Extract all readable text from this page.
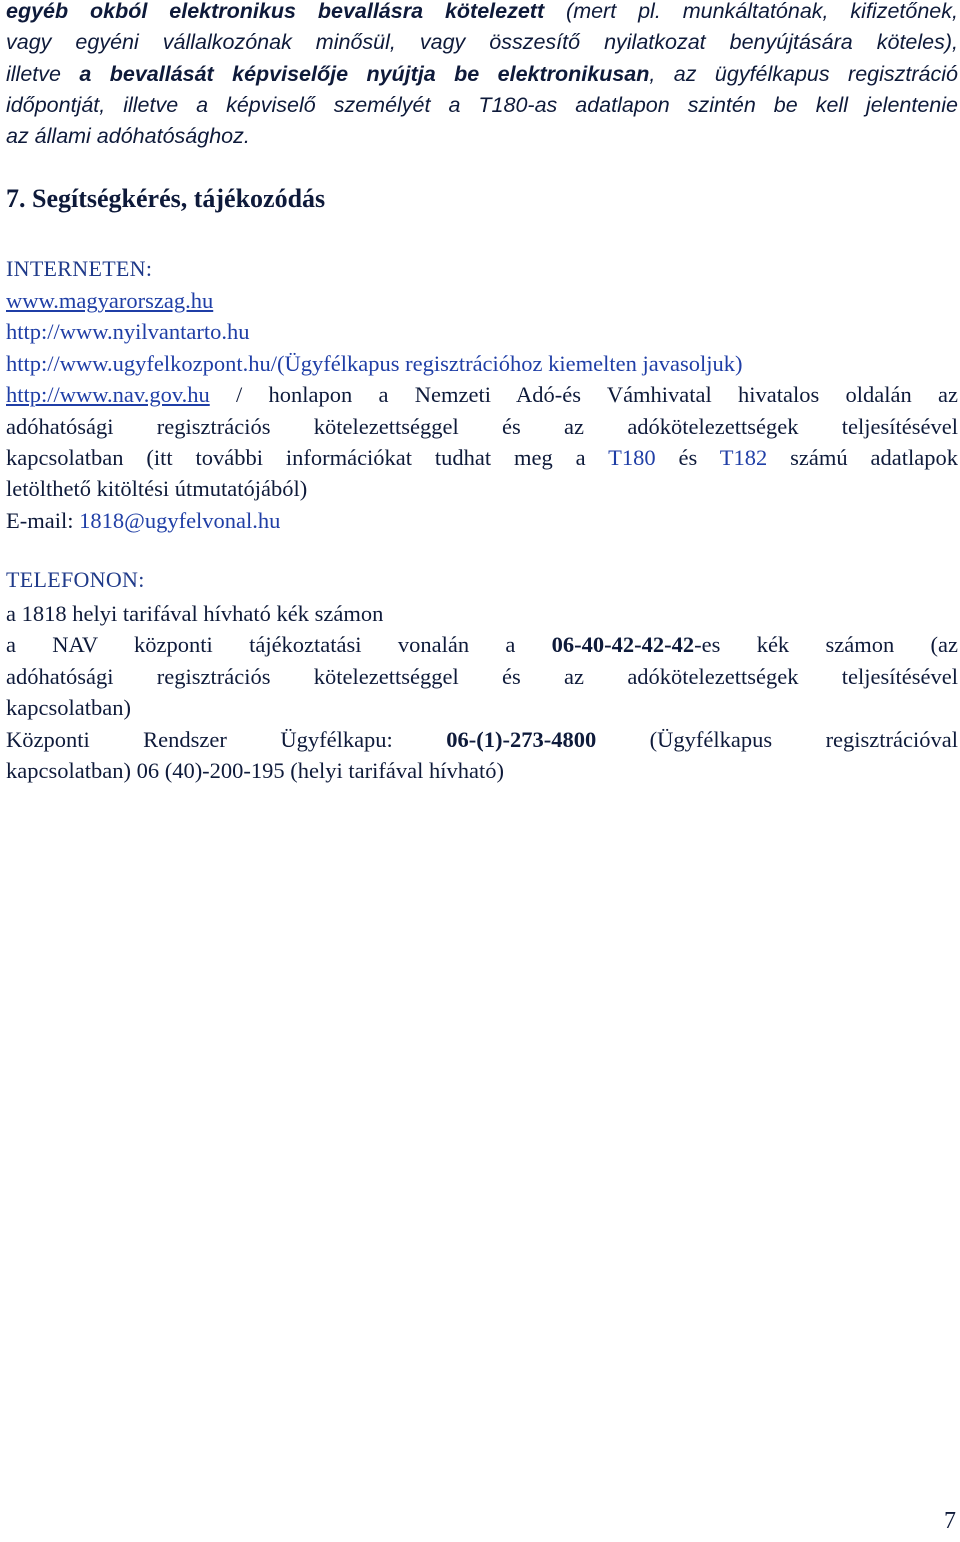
egyéb okból elektronikus bevallásra kötelezett (mert pl. munkáltatónak, kifizetőnek,
vagy egyéni vállalkozónak minősül, vagy összesítő nyilatkozat benyújtására köteles),
illetve a bevallását képviselője nyújtja be elektronikusan, az ügyfélkapus regisztráció
időpontját, illetve a képviselő személyét a T180-as adatlapon szintén be kell jelentenie
az állami adóhatósághoz.
7. Segítségkérés, tájékozódás
INTERNETEN:
www.magyarorszag.hu
http://www.nyilvantarto.hu
http://www.ugyfelkozpont.hu/(Ügyfélkapus regisztrációhoz kiemelten javasoljuk)
http://www.nav.gov.hu / honlapon a Nemzeti Adó-és Vámhivatal hivatalos oldalán az
adóhatósági regisztrációs kötelezettséggel és az adókötelezettségek teljesítésével
kapcsolatban (itt további információkat tudhat meg a T180 és T182 számú adatlapok
letölthető kitöltési útmutatójából)
E-mail: 1818@ugyfelvonal.hu
TELEFONON:
a 1818 helyi tarifával hívható kék számon
a NAV központi tájékoztatási vonalán a 06-40-42-42-42-es kék számon (az
adóhatósági regisztrációs kötelezettséggel és az adókötelezettségek teljesítésével
kapcsolatban)
Központi Rendszer Ügyfélkapu: 06-(1)-273-4800 (Ügyfélkapus regisztrációval
kapcsolatban) 06 (40)-200-195 (helyi tarifával hívható)
7
